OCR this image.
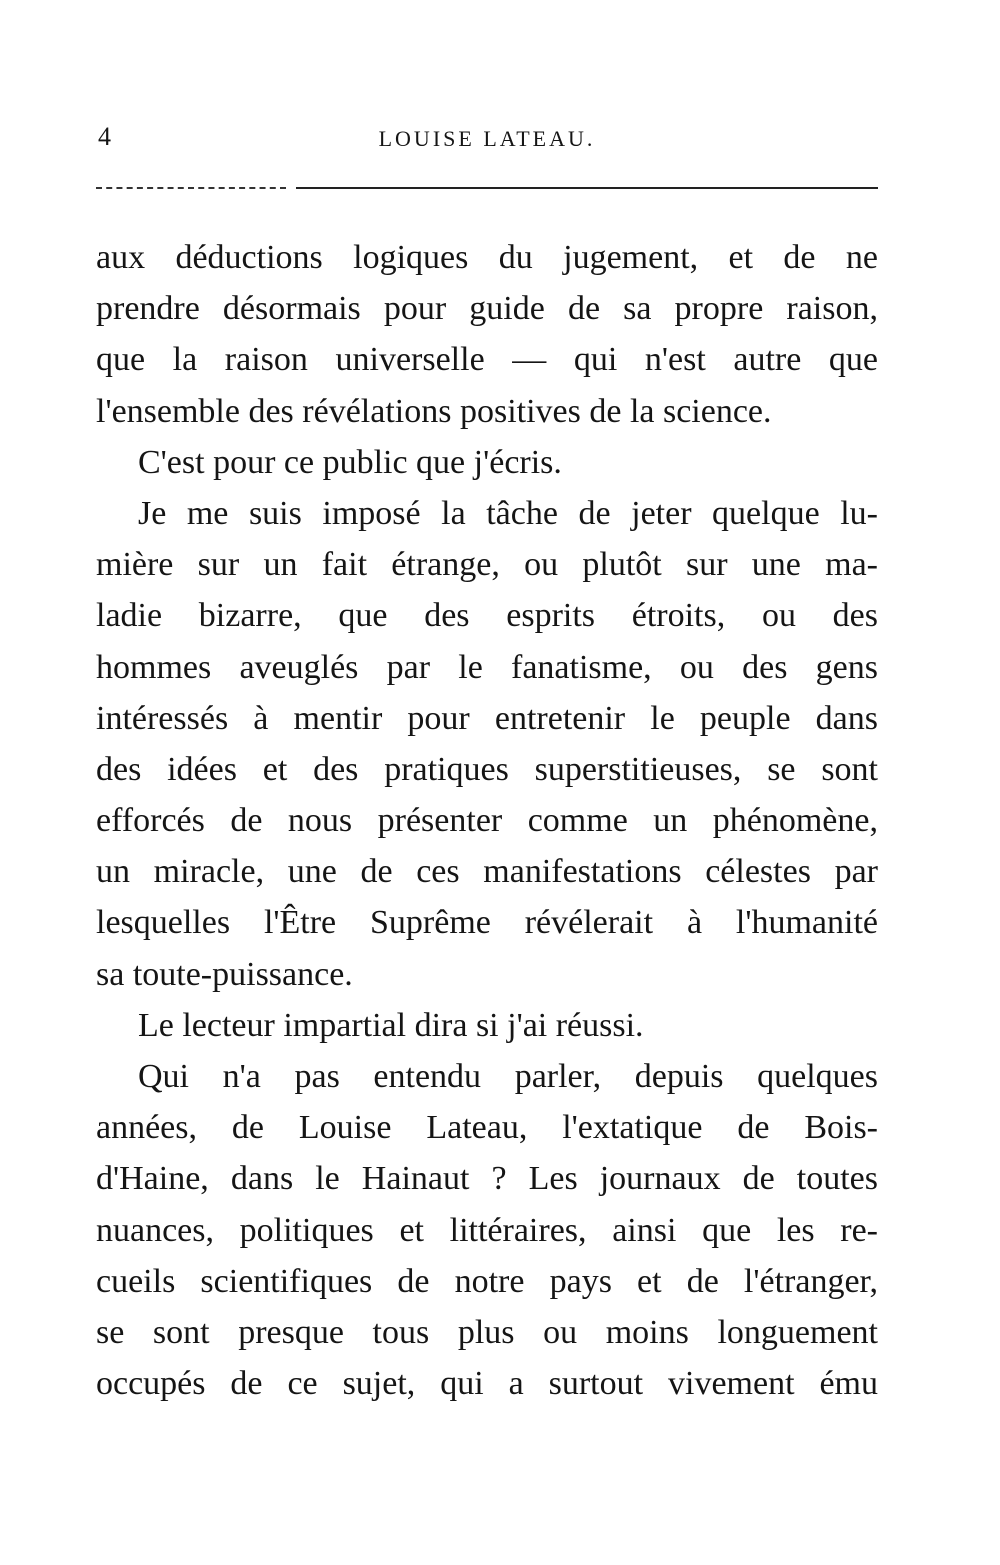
4	LOUISE LATEAU.
aux déductions logiques du jugement, et de ne
prendre désormais pour guide de sa propre raison,
que la raison universelle — qui n'est autre que
l'ensemble des révélations positives de la science.
C'est pour ce public que j'écris.
Je me suis imposé la tâche de jeter quelque lu-
mière sur un fait étrange, ou plutôt sur une ma-
ladie bizarre, que des esprits étroits, ou des
hommes aveuglés par le fanatisme, ou des gens
intéressés à mentir pour entretenir le peuple dans
des idées et des pratiques superstitieuses, se sont
efforcés de nous présenter comme un phénomène,
un miracle, une de ces manifestations célestes par
lesquelles l'Être Suprême révélerait à l'humanité
sa toute-puissance.
Le lecteur impartial dira si j'ai réussi.
Qui n'a pas entendu parler, depuis quelques
années, de Louise Lateau, l'extatique de Bois-
d'Haine, dans le Hainaut ? Les journaux de toutes
nuances, politiques et littéraires, ainsi que les re-
cueils scientifiques de notre pays et de l'étranger,
se sont presque tous plus ou moins longuement
occupés de ce sujet, qui a surtout vivement ému
